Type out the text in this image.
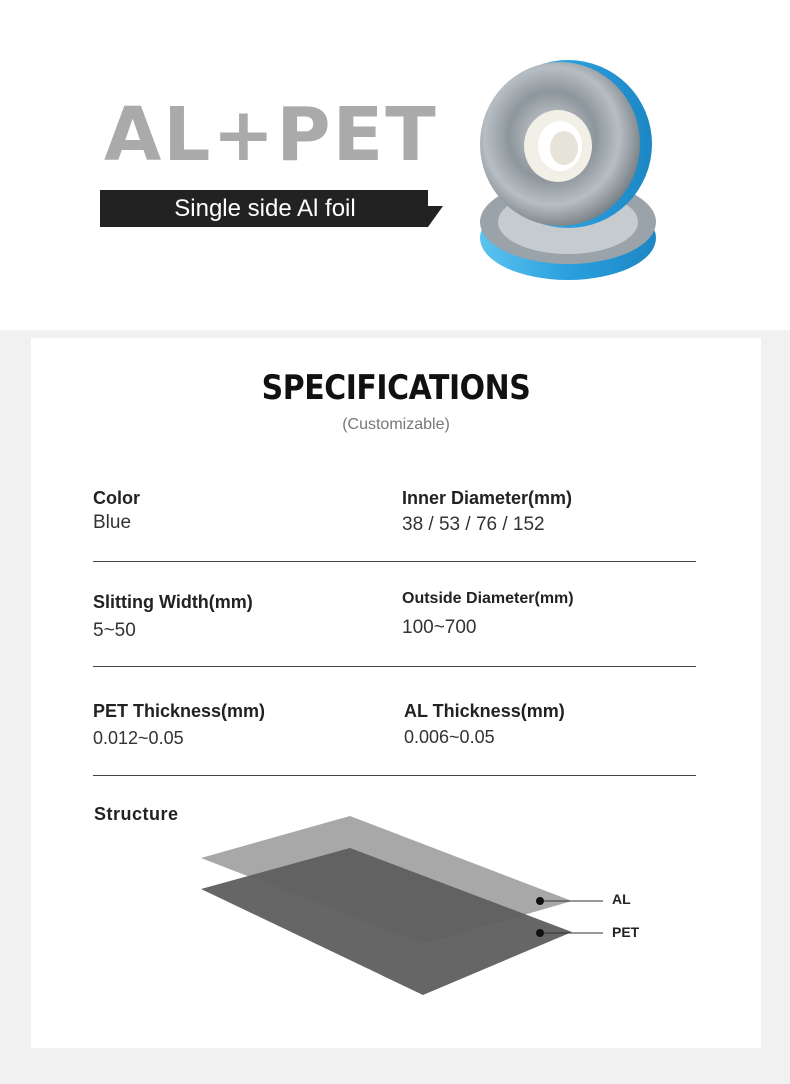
AL+PET
Single side Al foil
SPECIFICATIONS
(Customizable)
Color
Blue
Inner Diameter(mm)
38 / 53 / 76 / 152
Slitting Width(mm)
5~50
Outside Diameter(mm)
100~700
PET Thickness(mm)
0.012~0.05
AL Thickness(mm)
0.006~0.05
Structure
AL
PET
